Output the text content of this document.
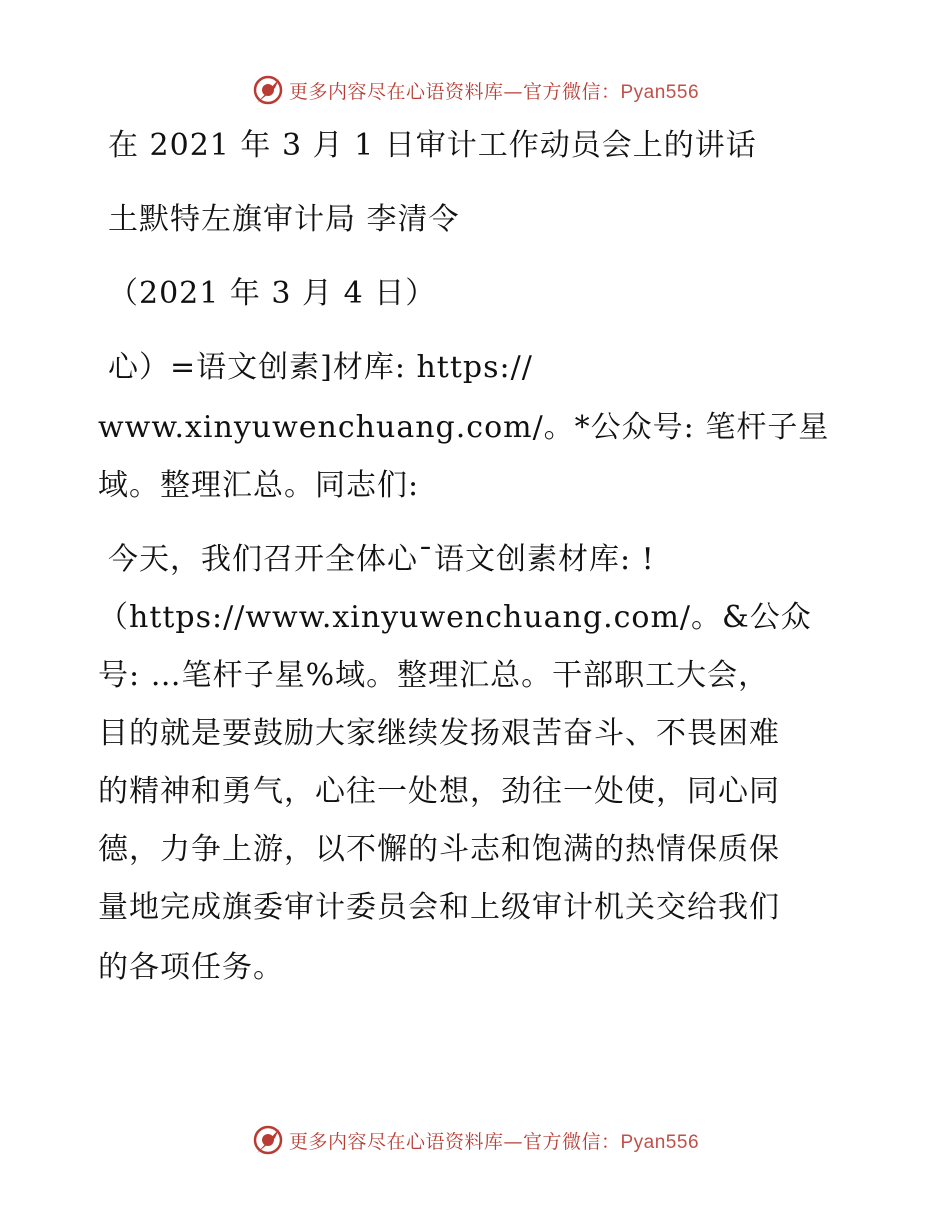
更多内容尽在心语资料库—官方微信：Pyan556
在 2021 年 3 月 1 日审计工作动员会上的讲话
土默特左旗审计局 李清令
（2021 年 3 月 4 日）
心）=语文创素]材库: https://
www.xinyuwenchuang.com/。*公众号: 笔杆子星
域。整理汇总。同志们:
今天，我们召开全体心¯语文创素材库: !
（https://www.xinyuwenchuang.com/。&公众
号: …笔杆子星%域。整理汇总。干部职工大会，
目的就是要鼓励大家继续发扬艰苦奋斗、不畏困难
的精神和勇气，心往一处想，劲往一处使，同心同
德，力争上游，以不懈的斗志和饱满的热情保质保
量地完成旗委审计委员会和上级审计机关交给我们
的各项任务。
更多内容尽在心语资料库—官方微信：Pyan556
